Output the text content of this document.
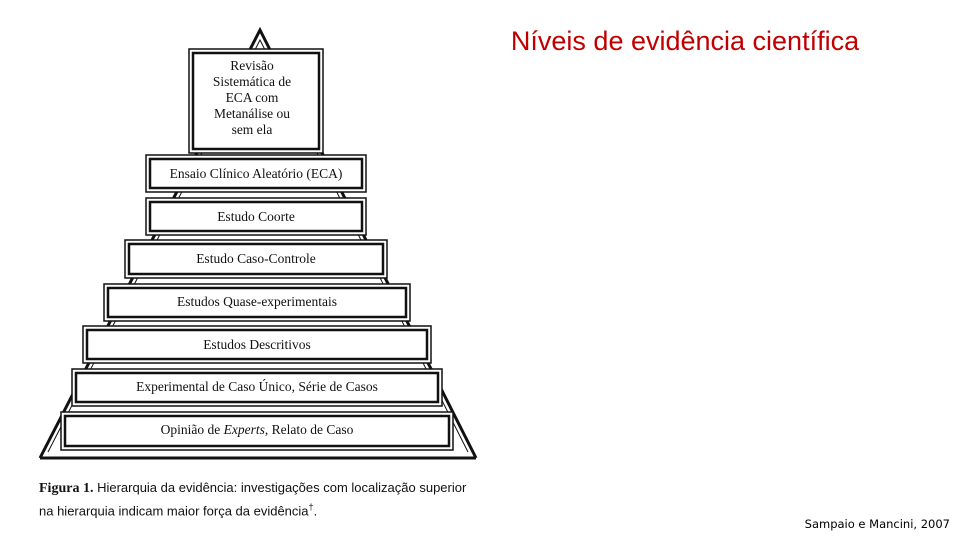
Níveis de evidência científica
Revisão
Sistemática de
ECA com
Metanálise ou
sem ela
Ensaio Clínico Aleatório (ECA)
Estudo Coorte
Estudo Caso-Controle
Estudos Quase-experimentais
Estudos Descritivos
Experimental de Caso Único, Série de Casos
Opinião de Experts, Relato de Caso
Figura 1. Hierarquia da evidência: investigações com localização superior na hierarquia indicam maior força da evidência†.
Sampaio e Mancini, 2007
